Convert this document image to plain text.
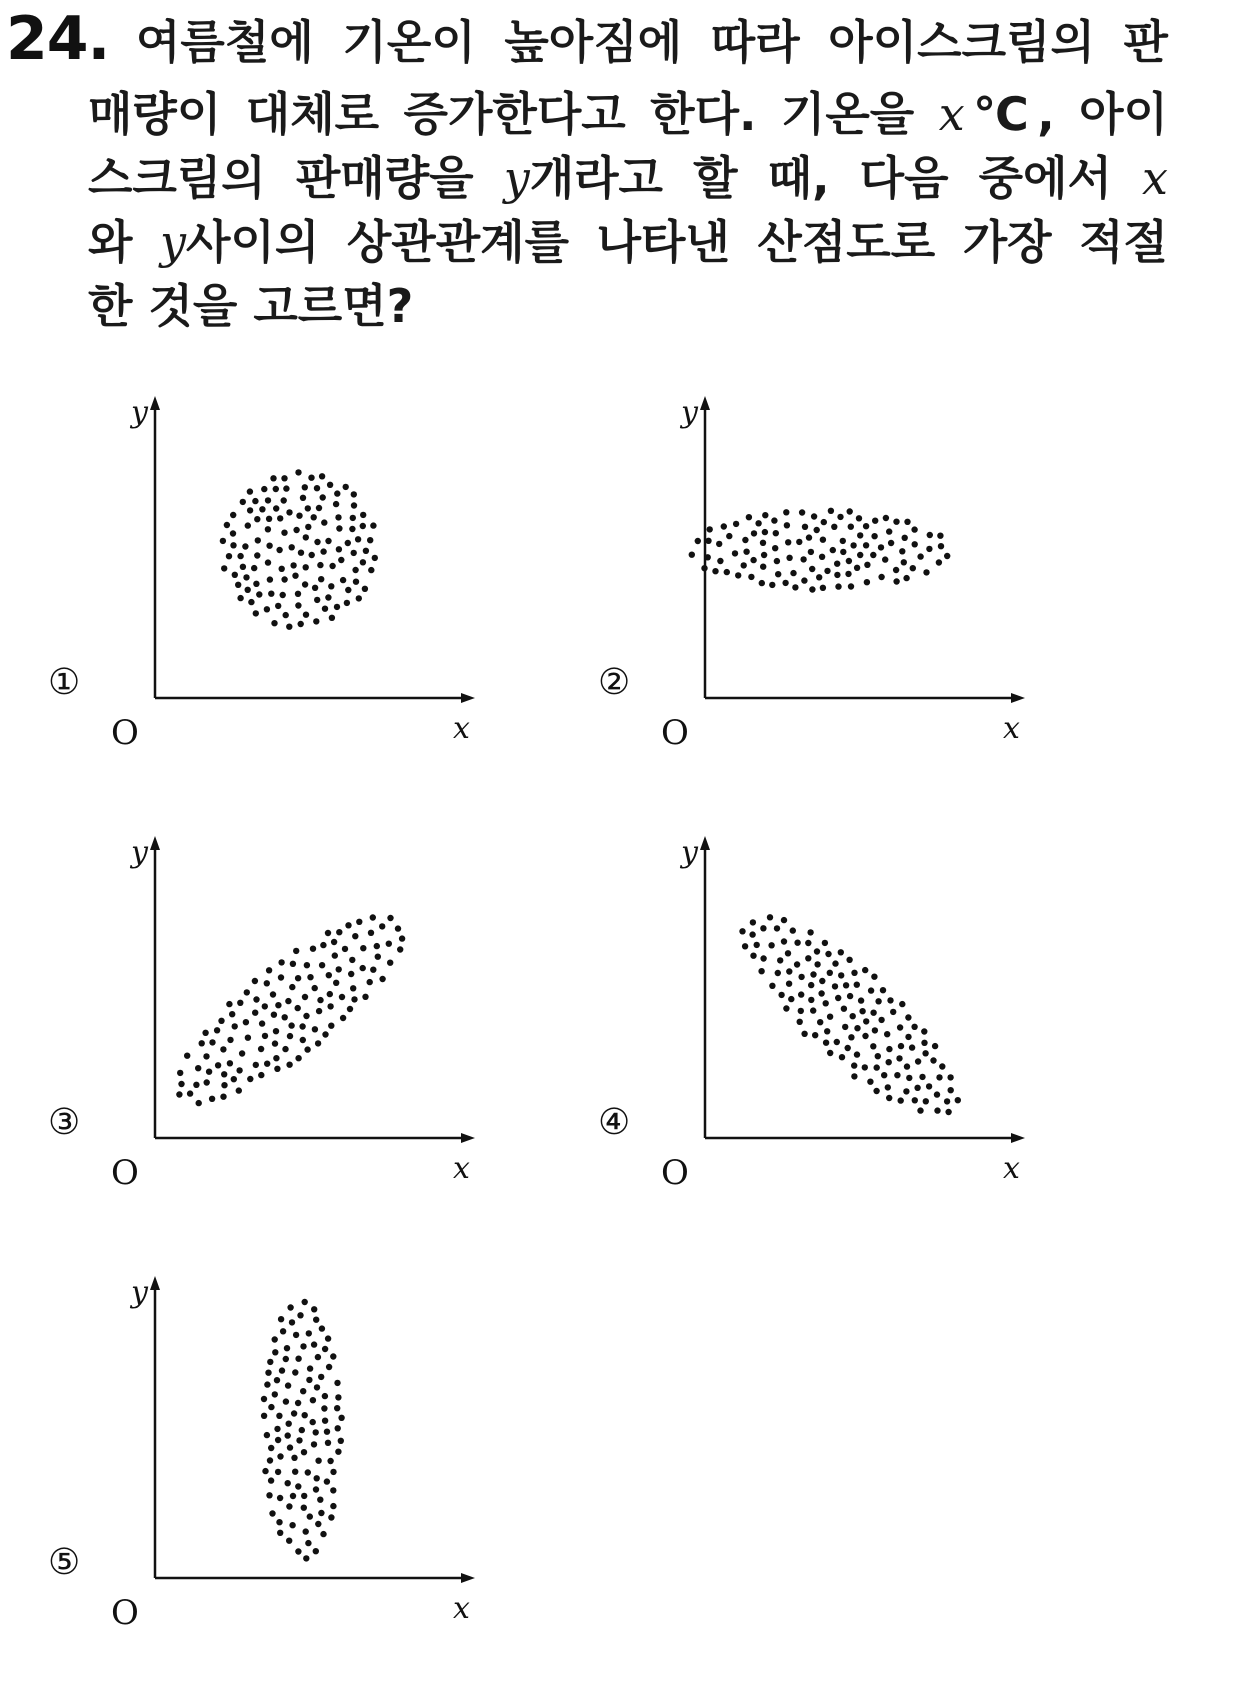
24. 여름철에 기온이 높아짐에 따라 아이스크림의 판
매량이 대체로 증가한다고 한다. 기온을 x℃, 아이
스크림의 판매량을 y개라고 할 때, 다음 중에서 x
와 y사이의 상관관계를 나타낸 산점도로 가장 적절
한 것을 고르면?
y
x
O
①
y
x
O
②
y
x
O
③
y
x
O
④
y
x
O
⑤
